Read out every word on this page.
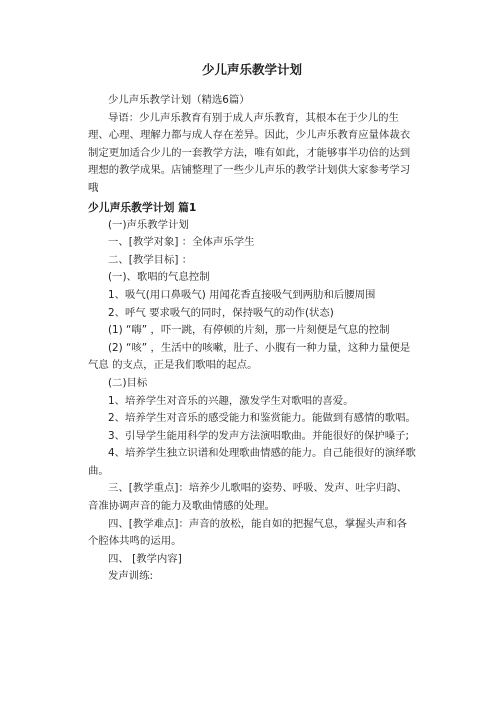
少儿声乐教学计划

少儿声乐教学计划（精选6篇）

导语：少儿声乐教育有别于成人声乐教育，其根本在于少儿的生理、心理、理解力都与成人存在差异。因此，少儿声乐教育应量体裁衣制定更加适合少儿的一套教学方法，唯有如此，才能够事半功倍的达到理想的教学成果。店铺整理了一些少儿声乐的教学计划供大家参考学习哦

少儿声乐教学计划 篇1

(一)声乐教学计划

一、[教学对象] ：全体声乐学生

二、[教学目标] ：

(一)、歌唱的气息控制

1、吸气(用口鼻吸气) 用闻花香直接吸气到两肋和后腰周围

2、呼气 要求吸气的同时，保持吸气的动作(状态)

(1) “嗨” ，吓一跳，有停顿的片刻，那一片刻便是气息的控制

(2) “咳” ，生活中的咳嗽，肚子、小腹有一种力量，这种力量便是气息 的支点，正是我们歌唱的起点。

(二)目标

1、培养学生对音乐的兴趣，激发学生对歌唱的喜爱。

2、培养学生对音乐的感受能力和鉴赏能力。能做到有感情的歌唱。

3、引导学生能用科学的发声方法演唱歌曲。并能很好的保护嗓子;

4、培养学生独立识谱和处理歌曲情感的能力。自己能很好的演绎歌曲。

三、[教学重点]：培养少儿歌唱的姿势、呼吸、发声、吐字归韵、音准协调声音的能力及歌曲情感的处理。

四、[教学难点]：声音的放松，能自如的把握气息，掌握头声和各个腔体共鸣的运用。

四、 [教学内容]

发声训练:
